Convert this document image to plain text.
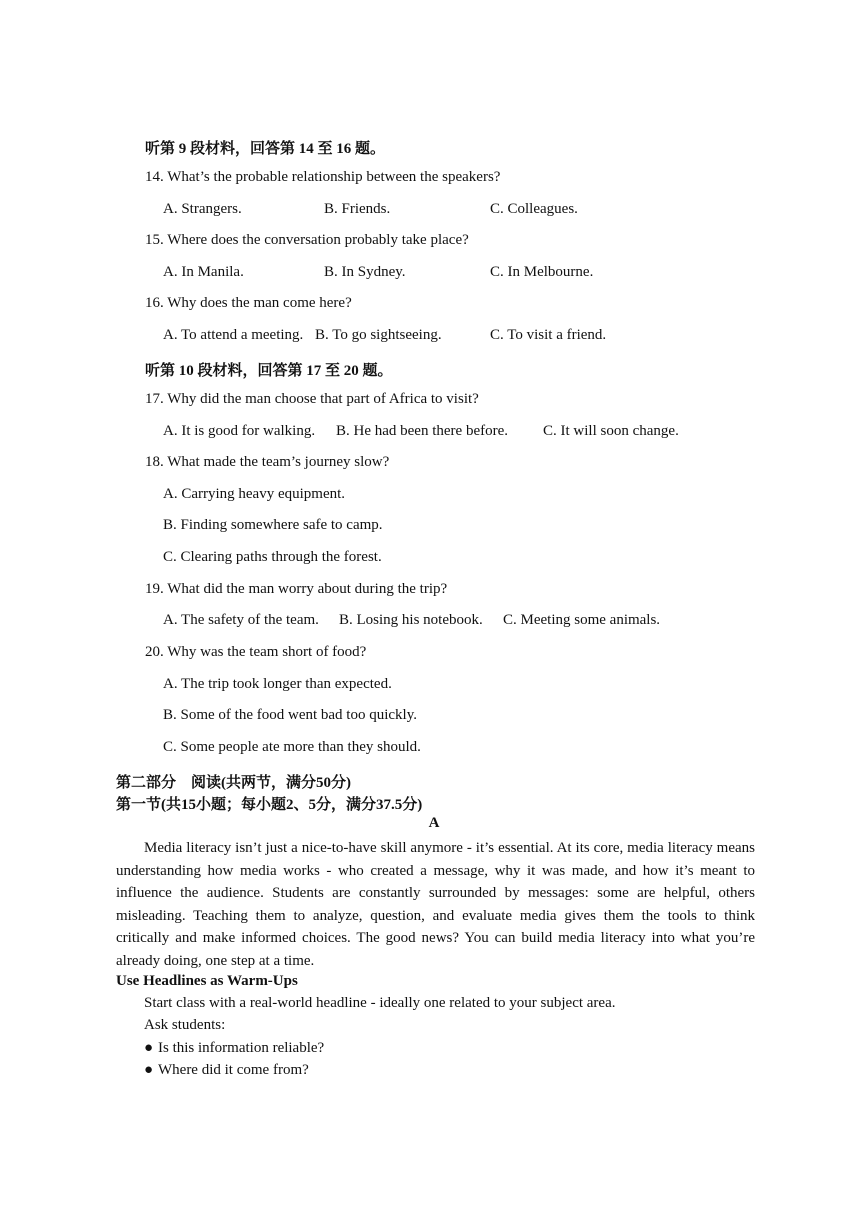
听第 9 段材料，回答第 14 至 16 题。
14. What’s the probable relationship between the speakers?
A. Strangers.	B. Friends.	C. Colleagues.
15. Where does the conversation probably take place?
A. In Manila.	B. In Sydney.	C. In Melbourne.
16. Why does the man come here?
A. To attend a meeting. B. To go sightseeing.	C. To visit a friend.
听第 10 段材料，回答第 17 至 20 题。
17. Why did the man choose that part of Africa to visit?
A. It is good for walking. B. He had been there before. C. It will soon change.
18. What made the team’s journey slow?
A. Carrying heavy equipment.
B. Finding somewhere safe to camp.
C. Clearing paths through the forest.
19. What did the man worry about during the trip?
A. The safety of the team. B. Losing his notebook. C. Meeting some animals.
20. Why was the team short of food?
A. The trip took longer than expected.
B. Some of the food went bad too quickly.
C. Some people ate more than they should.
第二部分　阅读(共两节，满分50分)
第一节(共15小题；每小题2、5分，满分37.5分)
A
Media literacy isn’t just a nice-to-have skill anymore - it’s essential. At its core, media literacy means understanding how media works - who created a message, why it was made, and how it’s meant to influence the audience. Students are constantly surrounded by messages: some are helpful, others misleading. Teaching them to analyze, question, and evaluate media gives them the tools to think critically and make informed choices. The good news? You can build media literacy into what you’re already doing, one step at a time.
Use Headlines as Warm-Ups
Start class with a real-world headline - ideally one related to your subject area.
Ask students:
● Is this information reliable?
● Where did it come from?
